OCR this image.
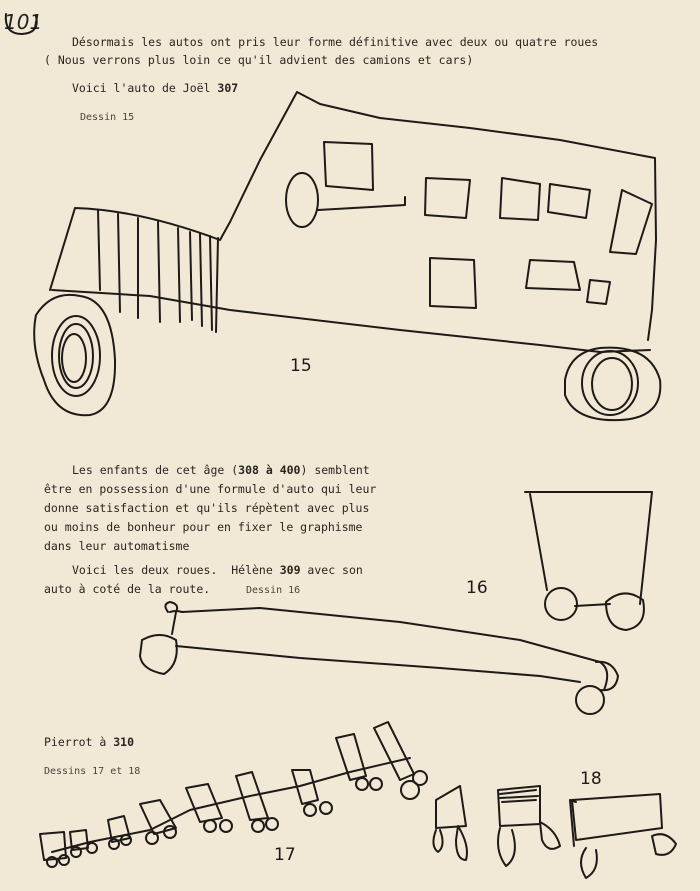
101
Désormais les autos ont pris leur forme définitive avec deux ou quatre roues
( Nous verrons plus loin ce qu'il advient des camions et cars)
Voici l'auto de Joël 307
Dessin 15
Les enfants de cet âge (308 à 400) semblent
être en possession d'une formule d'auto qui leur
donne satisfaction et qu'ils répètent avec plus
ou moins de bonheur pour en fixer le graphisme
dans leur automatisme
Voici les deux roues.  Hélène 309 avec son
auto à coté de la route.	Dessin 16
Pierrot à 310
Dessins 17 et 18
15
16
17
18
